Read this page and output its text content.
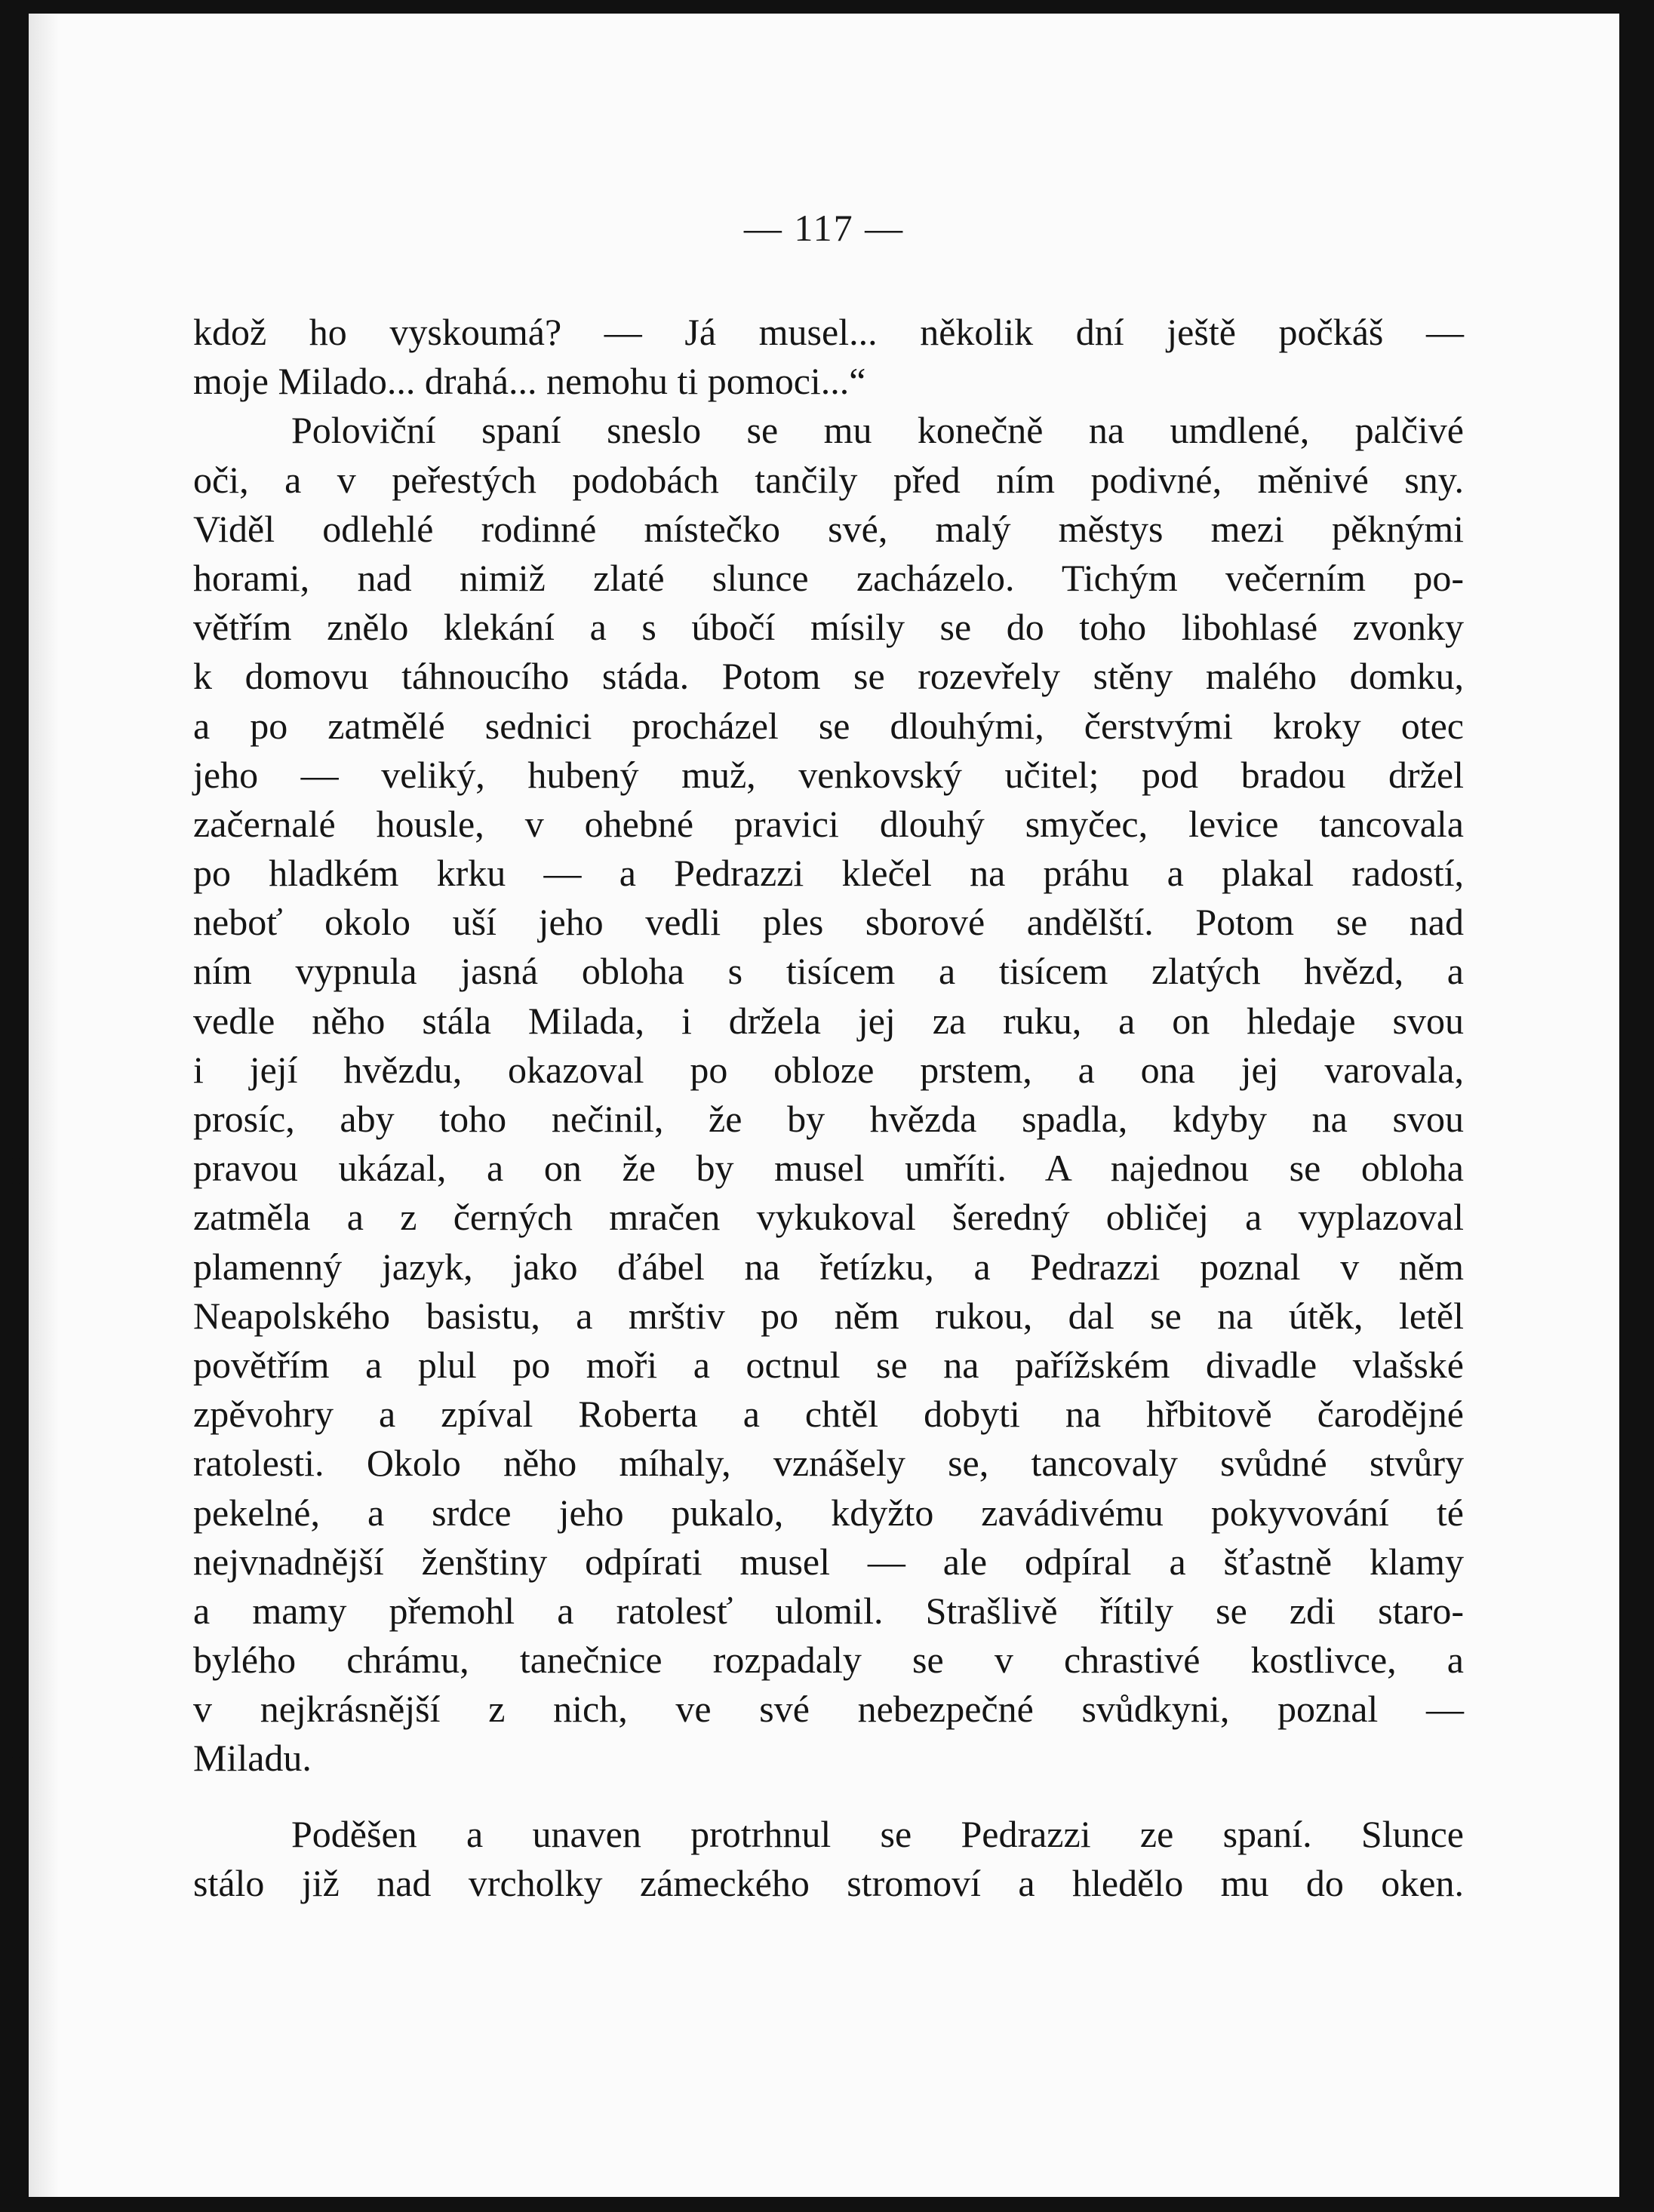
— 117 —
kdož ho vyskoumá? — Já musel... několik dní ještě počkáš —
moje Milado... drahá... nemohu ti pomoci...“
Poloviční spaní sneslo se mu konečně na umdlené, palčivé
oči, a v peřestých podobách tančily před ním podivné, měnivé sny.
Viděl odlehlé rodinné místečko své, malý městys mezi pěknými
horami, nad nimiž zlaté slunce zacházelo. Tichým večerním po-
větřím znělo klekání a s úbočí mísily se do toho libohlasé zvonky
k domovu táhnoucího stáda. Potom se rozevřely stěny malého domku,
a po zatmělé sednici procházel se dlouhými, čerstvými kroky otec
jeho — veliký, hubený muž, venkovský učitel; pod bradou držel
začernalé housle, v ohebné pravici dlouhý smyčec, levice tancovala
po hladkém krku — a Pedrazzi klečel na práhu a plakal radostí,
neboť okolo uší jeho vedli ples sborové andělští. Potom se nad
ním vypnula jasná obloha s tisícem a tisícem zlatých hvězd, a
vedle něho stála Milada, i držela jej za ruku, a on hledaje svou
i její hvězdu, okazoval po obloze prstem, a ona jej varovala,
prosíc, aby toho nečinil, že by hvězda spadla, kdyby na svou
pravou ukázal, a on že by musel umříti. A najednou se obloha
zatměla a z černých mračen vykukoval šeredný obličej a vyplazoval
plamenný jazyk, jako ďábel na řetízku, a Pedrazzi poznal v něm
Neapolského basistu, a mrštiv po něm rukou, dal se na útěk, letěl
povětřím a plul po moři a octnul se na pařížském divadle vlašské
zpěvohry a zpíval Roberta a chtěl dobyti na hřbitově čarodějné
ratolesti. Okolo něho míhaly, vznášely se, tancovaly svůdné stvůry
pekelné, a srdce jeho pukalo, kdyžto zavádivému pokyvování té
nejvnadnější ženštiny odpírati musel — ale odpíral a šťastně klamy
a mamy přemohl a ratolesť ulomil. Strašlivě řítily se zdi staro-
bylého chrámu, tanečnice rozpadaly se v chrastivé kostlivce, a
v nejkrásnější z nich, ve své nebezpečné svůdkyni, poznal —
Miladu.
Poděšen a unaven protrhnul se Pedrazzi ze spaní. Slunce
stálo již nad vrcholky zámeckého stromoví a hledělo mu do oken.
